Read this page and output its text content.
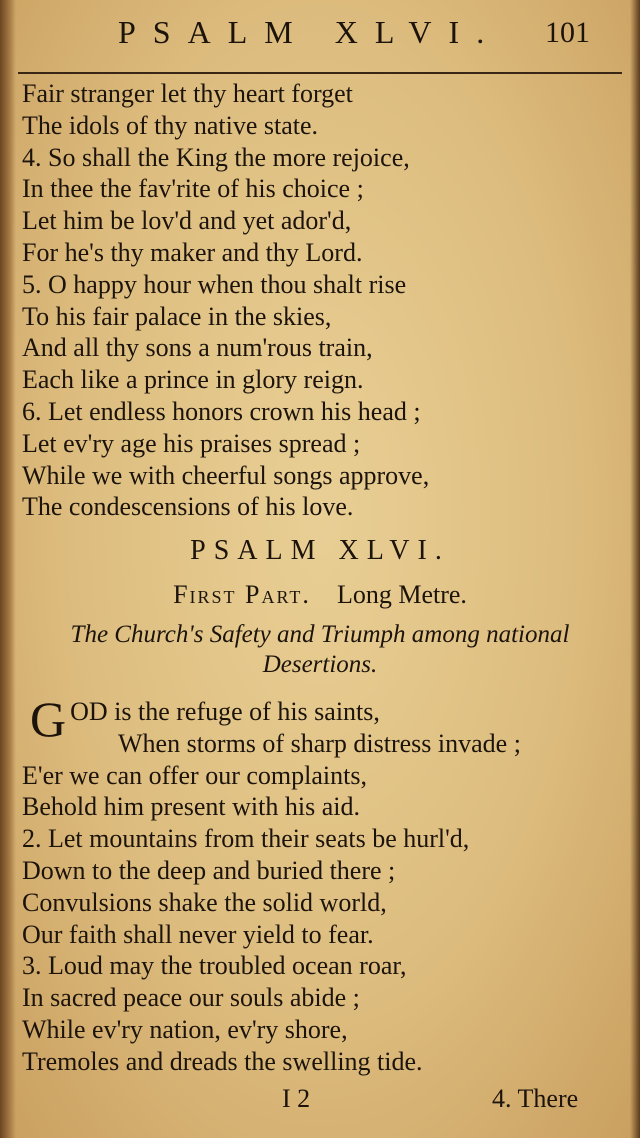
PSALM XLVI. 101

Fair stranger let thy heart forget

The idols of thy native state.

4. So shall the King the more rejoice,

In thee the fav'rite of his choice ;

Let him be lov'd and yet ador'd,

For he's thy maker and thy Lord.

5. O happy hour when thou shalt rise

To his fair palace in the skies,

And all thy sons a num'rous train,

Each like a prince in glory reign.

6. Let endless honors crown his head ;

Let ev'ry age his praises spread ;

While we with cheerful songs approve,

The condescensions of his love.

PSALM XLVI.
First Part. Long Metre.
The Church's Safety and Triumph among national Desertions.
GOD is the refuge of his saints,

When storms of sharp distress invade ;

E'er we can offer our complaints,

Behold him present with his aid.

2. Let mountains from their seats be hurl'd,

Down to the deep and buried there ;

Convulsions shake the solid world,

Our faith shall never yield to fear.

3. Loud may the troubled ocean roar,

In sacred peace our souls abide ;

While ev'ry nation, ev'ry shore,

Tremoles and dreads the swelling tide.

I 2	4. There
